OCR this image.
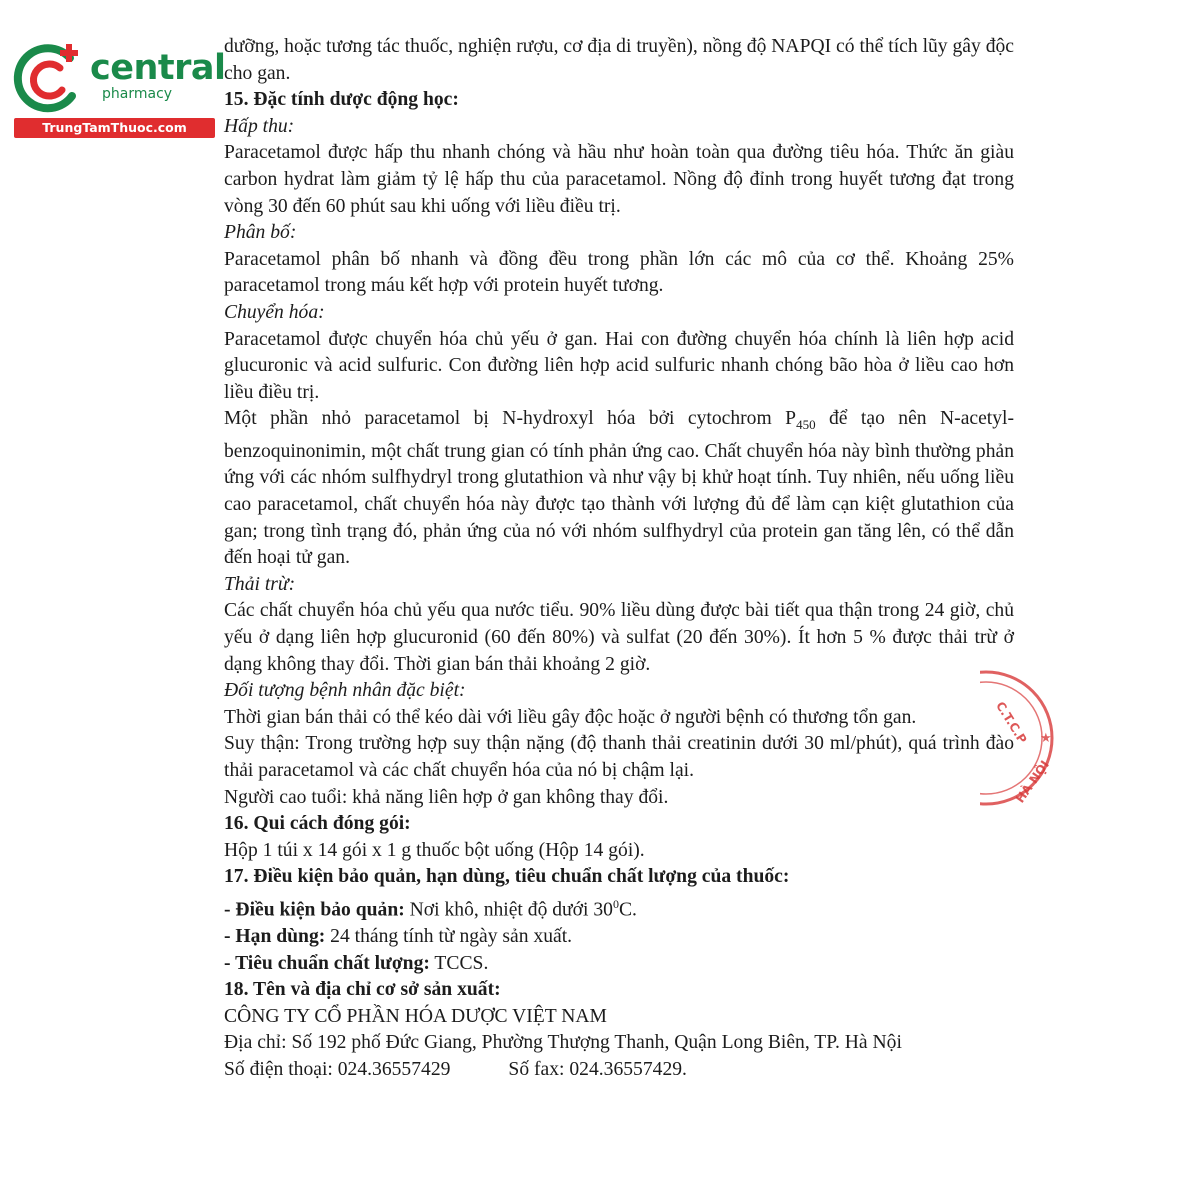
central
pharmacy
TrungTamThuoc.com
★
C.T.C.P
HÀ NỘI

dưỡng, hoặc tương tác thuốc, nghiện rượu, cơ địa di truyền), nồng độ NAPQI có thể tích lũy gây độc cho gan.

15. Đặc tính dược động học:

Hấp thu:

Paracetamol được hấp thu nhanh chóng và hầu như hoàn toàn qua đường tiêu hóa. Thức ăn giàu carbon hydrat làm giảm tỷ lệ hấp thu của paracetamol. Nồng độ đỉnh trong huyết tương đạt trong vòng 30 đến 60 phút sau khi uống với liều điều trị.

Phân bố:

Paracetamol phân bố nhanh và đồng đều trong phần lớn các mô của cơ thể. Khoảng 25% paracetamol trong máu kết hợp với protein huyết tương.

Chuyển hóa:

Paracetamol được chuyển hóa chủ yếu ở gan. Hai con đường chuyển hóa chính là liên hợp acid glucuronic và acid sulfuric. Con đường liên hợp acid sulfuric nhanh chóng bão hòa ở liều cao hơn liều điều trị.

Một phần nhỏ paracetamol bị N-hydroxyl hóa bởi cytochrom $P_{450}$ để tạo nên N-acetyl-benzoquinonimin, một chất trung gian có tính phản ứng cao. Chất chuyển hóa này bình thường phản ứng với các nhóm sulfhydryl trong glutathion và như vậy bị khử hoạt tính. Tuy nhiên, nếu uống liều cao paracetamol, chất chuyển hóa này được tạo thành với lượng đủ để làm cạn kiệt glutathion của gan; trong tình trạng đó, phản ứng của nó với nhóm sulfhydryl của protein gan tăng lên, có thể dẫn đến hoại tử gan.

Thải trừ:

Các chất chuyển hóa chủ yếu qua nước tiểu. 90% liều dùng được bài tiết qua thận trong 24 giờ, chủ yếu ở dạng liên hợp glucuronid (60 đến 80%) và sulfat (20 đến 30%). Ít hơn 5 % được thải trừ ở dạng không thay đổi. Thời gian bán thải khoảng 2 giờ.

Đối tượng bệnh nhân đặc biệt:

Thời gian bán thải có thể kéo dài với liều gây độc hoặc ở người bệnh có thương tổn gan.

Suy thận: Trong trường hợp suy thận nặng (độ thanh thải creatinin dưới 30 ml/phút), quá trình đào thải paracetamol và các chất chuyển hóa của nó bị chậm lại.

Người cao tuổi: khả năng liên hợp ở gan không thay đổi.

16. Qui cách đóng gói:

Hộp 1 túi x 14 gói x 1 g thuốc bột uống (Hộp 14 gói).

17. Điều kiện bảo quản, hạn dùng, tiêu chuẩn chất lượng của thuốc:

- Điều kiện bảo quản: Nơi khô, nhiệt độ dưới $30^0C$.

- Hạn dùng: 24 tháng tính từ ngày sản xuất.

- Tiêu chuẩn chất lượng: TCCS.

18. Tên và địa chỉ cơ sở sản xuất:

CÔNG TY CỔ PHẦN HÓA DƯỢC VIỆT NAM

Địa chỉ: Số 192 phố Đức Giang, Phường Thượng Thanh, Quận Long Biên, TP. Hà Nội

Số điện thoại: 024.36557429	Số fax: 024.36557429.
